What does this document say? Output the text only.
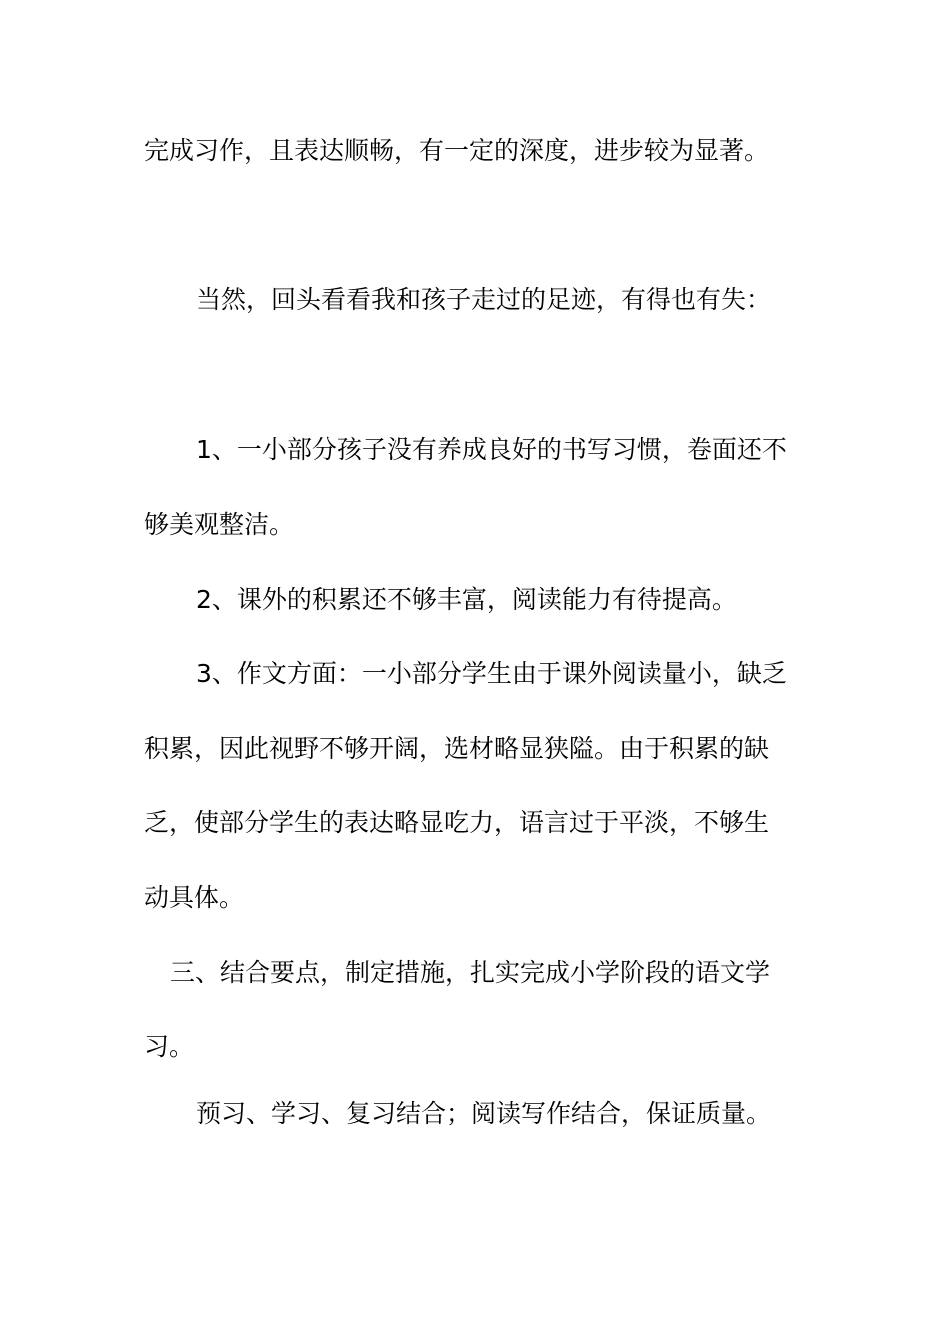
完成习作，且表达顺畅，有一定的深度，进步较为显著。
当然，回头看看我和孩子走过的足迹，有得也有失：
1、一小部分孩子没有养成良好的书写习惯，卷面还不
够美观整洁。
2、课外的积累还不够丰富，阅读能力有待提高。
3、作文方面：一小部分学生由于课外阅读量小，缺乏
积累，因此视野不够开阔，选材略显狭隘。由于积累的缺
乏，使部分学生的表达略显吃力，语言过于平淡，不够生
动具体。
三、结合要点，制定措施，扎实完成小学阶段的语文学
习。
预习、学习、复习结合；阅读写作结合，保证质量。
